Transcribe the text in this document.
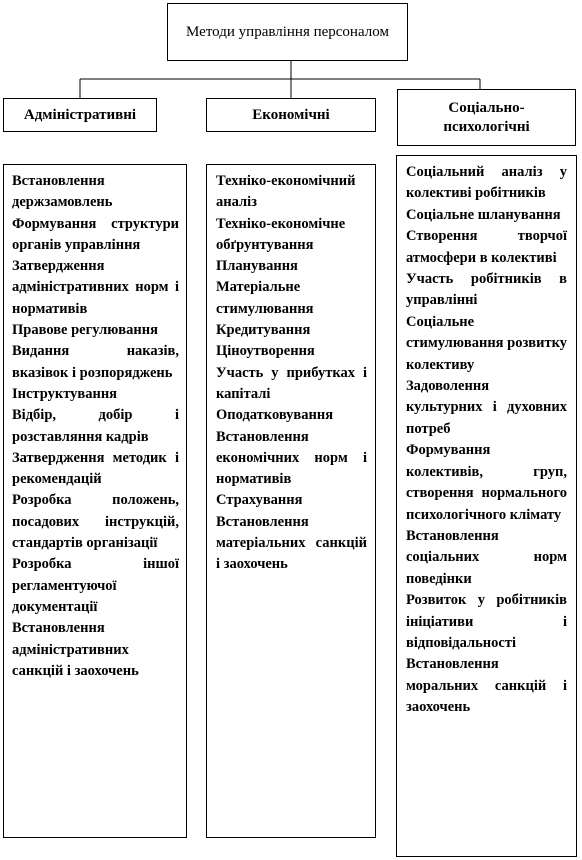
Методи управління персоналом
Адміністративні	Економічні	Соціально-психологічні
Встановлення держзамовлень
Формування структури органів управління
Затвердження адміністративних норм і нормативів
Правове регулювання
Видання наказів, вказівок і розпоряджень
Інструктування
Відбір, добір і розставляння кадрів
Затвердження методик і рекомендацій
Розробка положень, посадових інструкцій, стандартів організації
Розробка іншої регламентуючої документації
Встановлення адміністративних санкцій і заохочень
Техніко-економічний аналіз
Техніко-економічне обґрунтування
Планування
Матеріальне стимулювання
Кредитування
Ціноутворення
Участь у прибутках і капіталі
Оподатковування
Встановлення економічних норм і нормативів
Страхування
Встановлення матеріальних санкцій і заохочень
Соціальний аналіз у колективі робітників
Соціальне шланування
Створення творчої атмосфери в колективі
Участь робітників в управлінні
Соціальне стимулювання розвитку колективу
Задоволення культурних і духовних потреб
Формування колективів, груп, створення нормального психологічного клімату
Встановлення соціальних норм поведінки
Розвиток у робітників ініціативи і відповідальності
Встановлення моральних санкцій і заохочень
